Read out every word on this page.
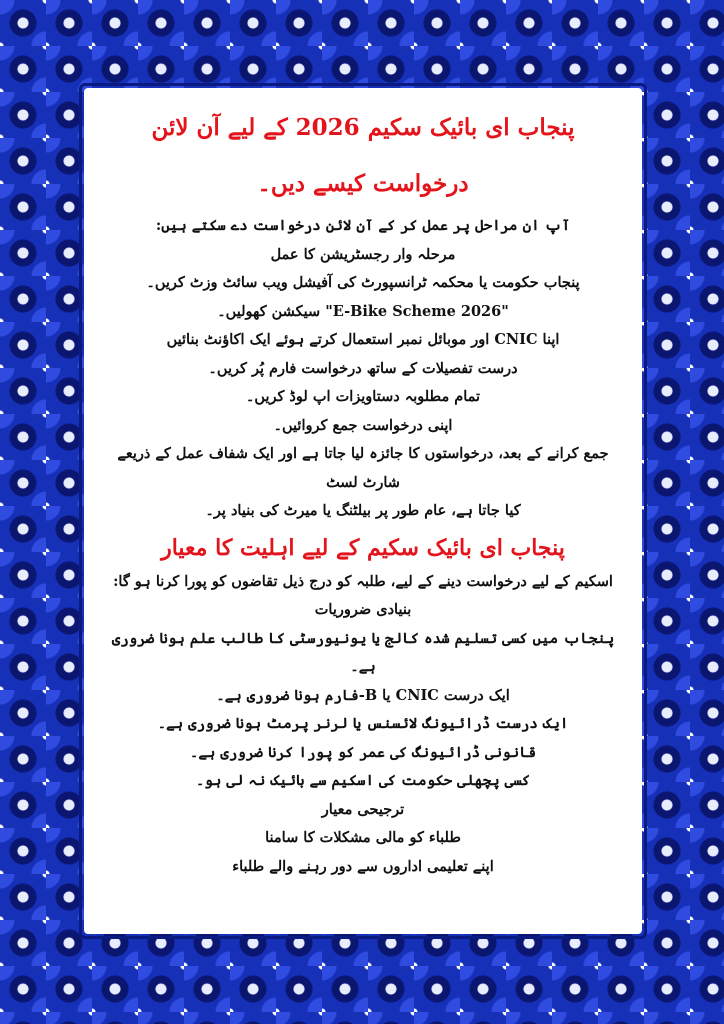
پنجاب ای بائیک سکیم 2026 کے لیے آن لائن درخواست کیسے دیں۔

آپ ان مراحل پر عمل کر کے آن لائن درخواست دے سکتے ہیں:

مرحلہ وار رجسٹریشن کا عمل

پنجاب حکومت یا محکمہ ٹرانسپورٹ کی آفیشل ویب سائٹ وزٹ کریں۔

"E-Bike Scheme 2026" سیکشن کھولیں۔

اپنا CNIC اور موبائل نمبر استعمال کرتے ہوئے ایک اکاؤنٹ بنائیں

درست تفصیلات کے ساتھ درخواست فارم پُر کریں۔

تمام مطلوبہ دستاویزات اپ لوڈ کریں۔

اپنی درخواست جمع کروائیں۔

جمع کرانے کے بعد، درخواستوں کا جائزہ لیا جاتا ہے اور ایک شفاف عمل کے ذریعے شارٹ لسٹ

کیا جاتا ہے، عام طور پر بیلٹنگ یا میرٹ کی بنیاد پر۔

پنجاب ای بائیک سکیم کے لیے اہلیت کا معیار

اسکیم کے لیے درخواست دینے کے لیے، طلبہ کو درج ذیل تقاضوں کو پورا کرنا ہو گا:

بنیادی ضروریات

پنجاب میں کسی تسلیم شدہ کالج یا یونیورسٹی کا طالب علم ہونا ضروری ہے۔

ایک درست CNIC یا B-فارم ہونا ضروری ہے۔

ایک درست ڈرائیونگ لائسنس یا لرنر پرمٹ ہونا ضروری ہے۔

قانونی ڈرائیونگ کی عمر کو پورا کرنا ضروری ہے۔

کسی پچھلی حکومت کی اسکیم سے بائیک نہ لی ہو۔

ترجیحی معیار

طلباء کو مالی مشکلات کا سامنا

اپنے تعلیمی اداروں سے دور رہنے والے طلباء
